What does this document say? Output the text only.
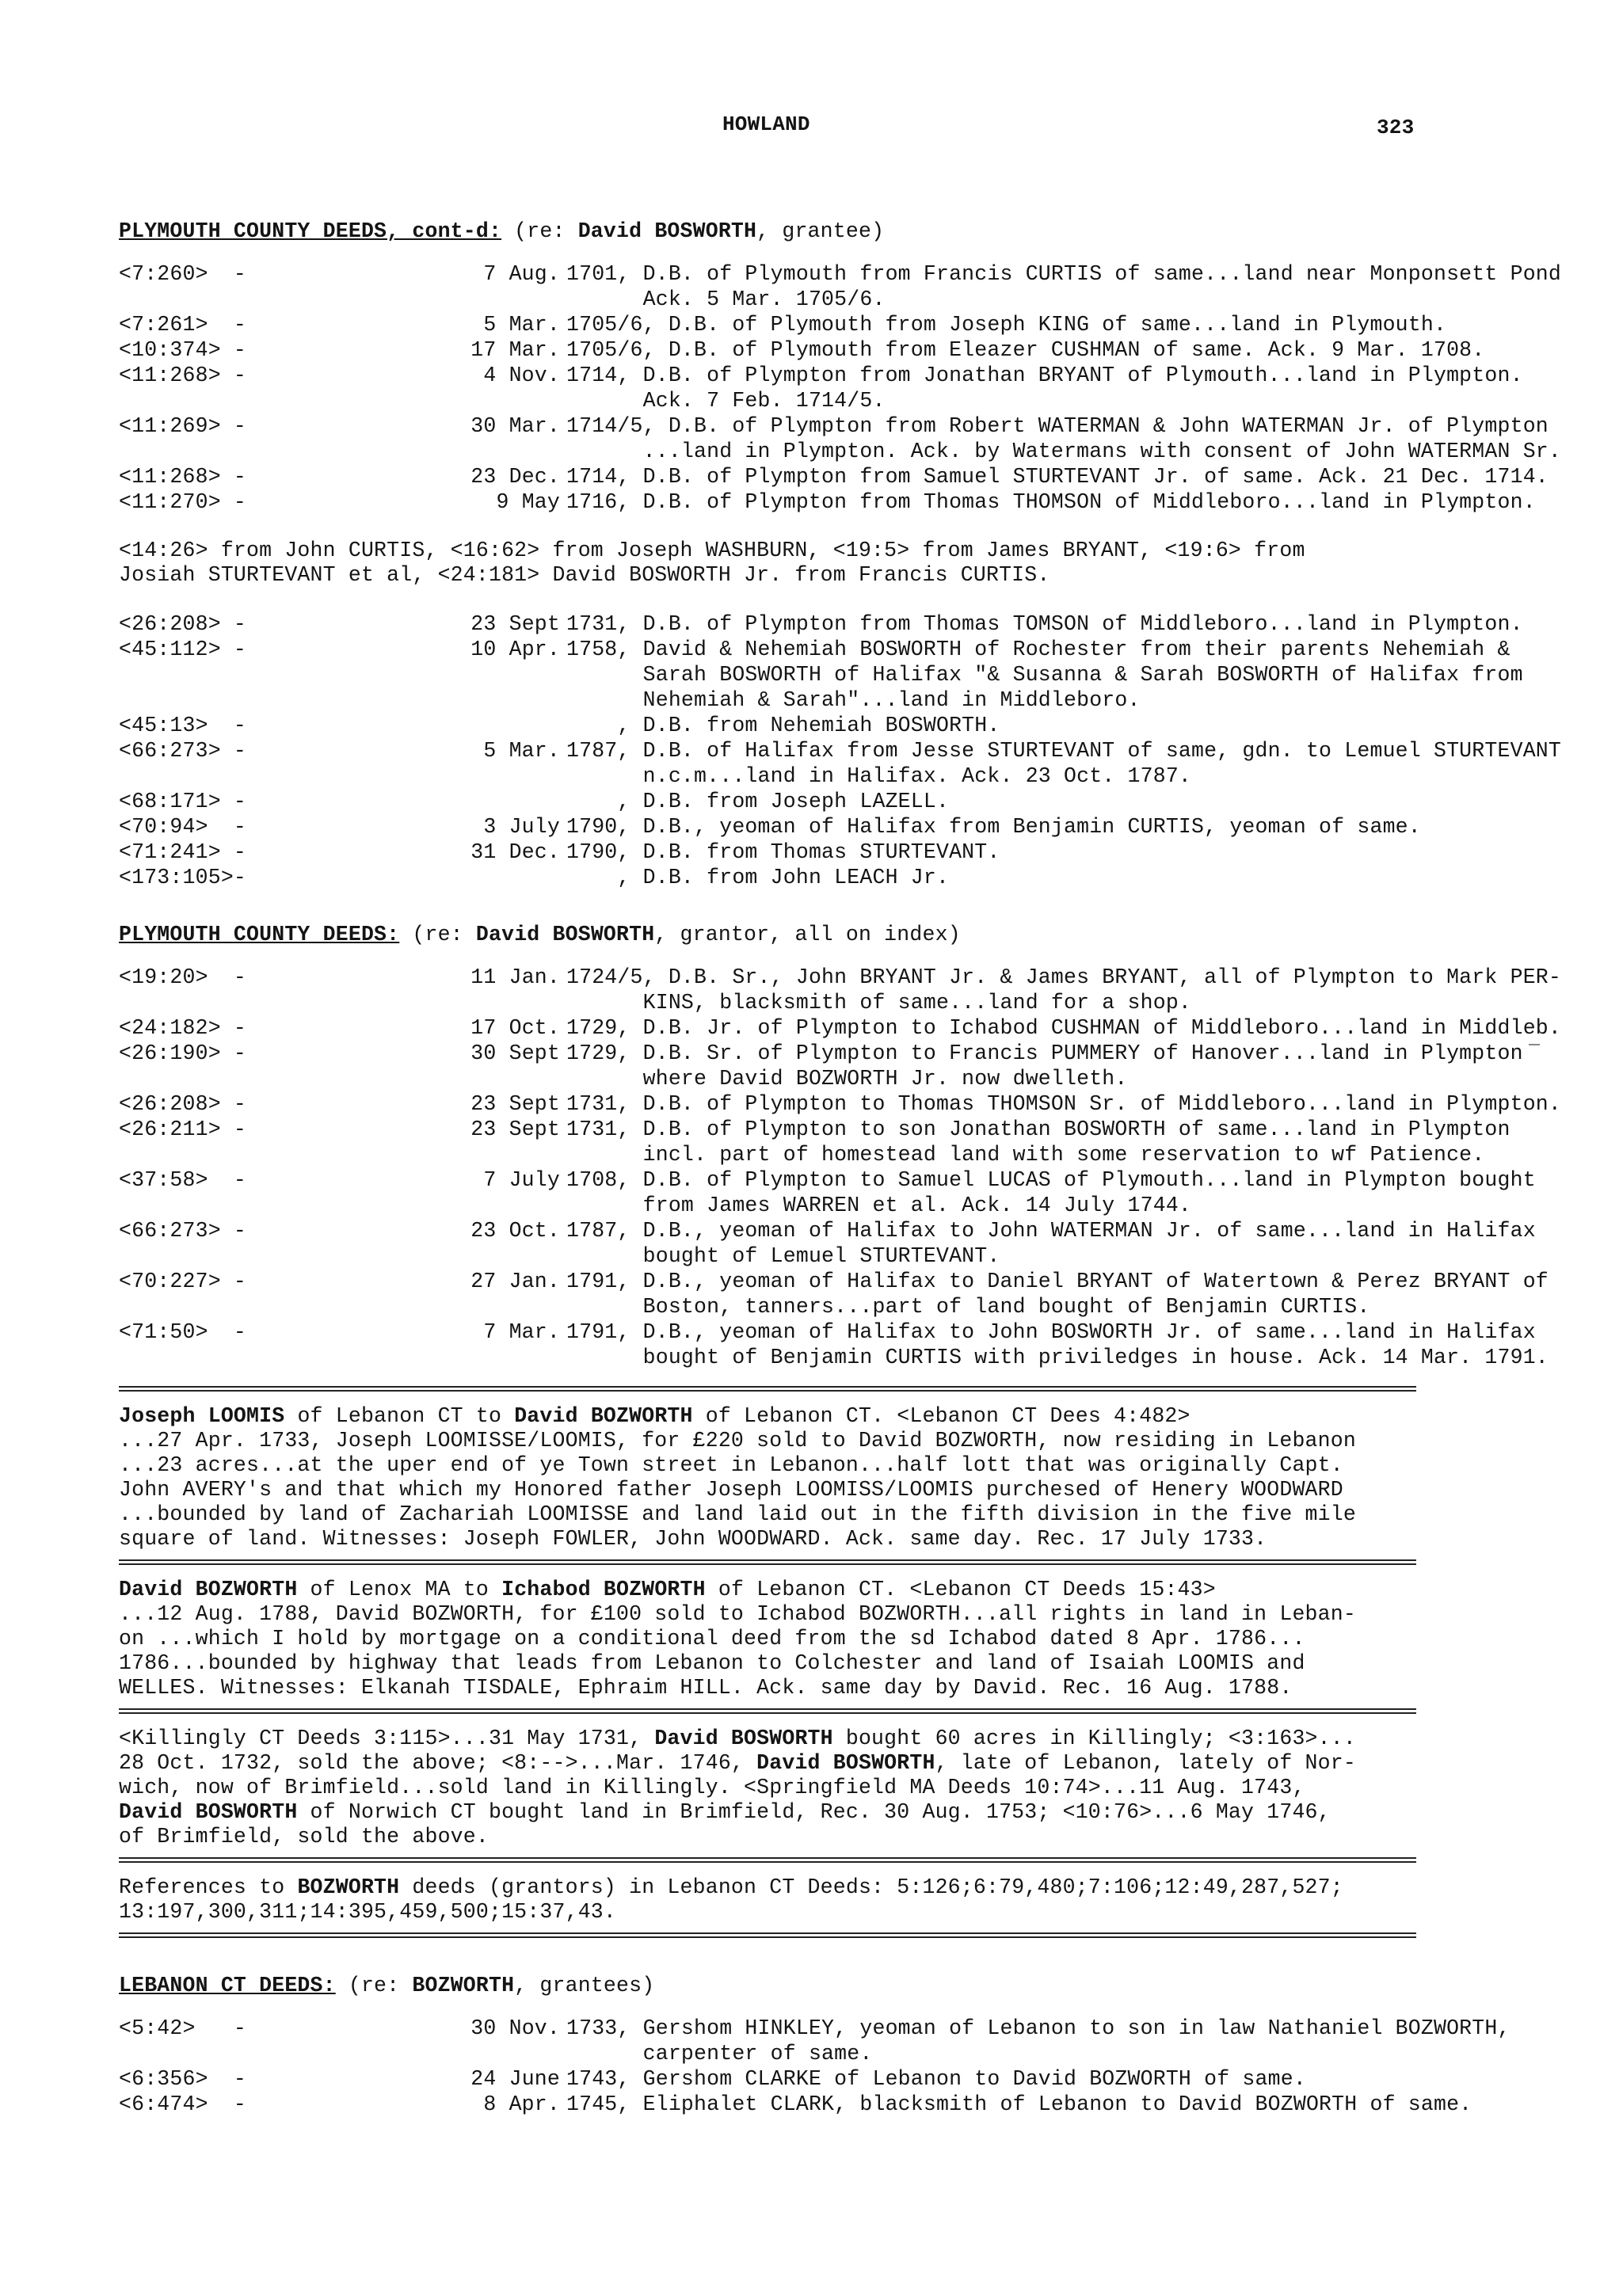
HOWLAND	323
PLYMOUTH COUNTY DEEDS, cont-d: (re: David BOSWORTH, grantee)
<7:260>  -	7 Aug. 1701, D.B. of Plymouth from Francis CURTIS of same...land near Monponsett Pond
Ack. 5 Mar. 1705/6.
<7:261>  -	5 Mar. 1705/6, D.B. of Plymouth from Joseph KING of same...land in Plymouth.
<10:374> -	17 Mar. 1705/6, D.B. of Plymouth from Eleazer CUSHMAN of same. Ack. 9 Mar. 1708.
<11:268> -	4 Nov. 1714, D.B. of Plympton from Jonathan BRYANT of Plymouth...land in Plympton.
Ack. 7 Feb. 1714/5.
<11:269> -	30 Mar. 1714/5, D.B. of Plympton from Robert WATERMAN & John WATERMAN Jr. of Plympton
...land in Plympton. Ack. by Watermans with consent of John WATERMAN Sr.
<11:268> -	23 Dec. 1714, D.B. of Plympton from Samuel STURTEVANT Jr. of same. Ack. 21 Dec. 1714.
<11:270> -	9 May 1716, D.B. of Plympton from Thomas THOMSON of Middleboro...land in Plympton.
<14:26> from John CURTIS, <16:62> from Joseph WASHBURN, <19:5> from James BRYANT, <19:6> from
Josiah STURTEVANT et al, <24:181> David BOSWORTH Jr. from Francis CURTIS.
<26:208> -	23 Sept 1731, D.B. of Plympton from Thomas TOMSON of Middleboro...land in Plympton.
<45:112> -	10 Apr. 1758, David & Nehemiah BOSWORTH of Rochester from their parents Nehemiah &
Sarah BOSWORTH of Halifax "& Susanna & Sarah BOSWORTH of Halifax from
Nehemiah & Sarah"...land in Middleboro.
<45:13>  -	, D.B. from Nehemiah BOSWORTH.
<66:273> -	5 Mar. 1787, D.B. of Halifax from Jesse STURTEVANT of same, gdn. to Lemuel STURTEVANT
n.c.m...land in Halifax. Ack. 23 Oct. 1787.
<68:171> -	, D.B. from Joseph LAZELL.
<70:94>  -	3 July 1790, D.B., yeoman of Halifax from Benjamin CURTIS, yeoman of same.
<71:241> -	31 Dec. 1790, D.B. from Thomas STURTEVANT.
<173:105>-	, D.B. from John LEACH Jr.
PLYMOUTH COUNTY DEEDS: (re: David BOSWORTH, grantor, all on index)
<19:20>  -	11 Jan. 1724/5, D.B. Sr., John BRYANT Jr. & James BRYANT, all of Plympton to Mark PER-
KINS, blacksmith of same...land for a shop.
<24:182> -	17 Oct. 1729, D.B. Jr. of Plympton to Ichabod CUSHMAN of Middleboro...land in Middleb.
<26:190> -	30 Sept 1729, D.B. Sr. of Plympton to Francis PUMMERY of Hanover...land in Plympton
where David BOZWORTH Jr. now dwelleth.
<26:208> -	23 Sept 1731, D.B. of Plympton to Thomas THOMSON Sr. of Middleboro...land in Plympton.
<26:211> -	23 Sept 1731, D.B. of Plympton to son Jonathan BOSWORTH of same...land in Plympton
incl. part of homestead land with some reservation to wf Patience.
<37:58>  -	7 July 1708, D.B. of Plympton to Samuel LUCAS of Plymouth...land in Plympton bought
from James WARREN et al. Ack. 14 July 1744.
<66:273> -	23 Oct. 1787, D.B., yeoman of Halifax to John WATERMAN Jr. of same...land in Halifax
bought of Lemuel STURTEVANT.
<70:227> -	27 Jan. 1791, D.B., yeoman of Halifax to Daniel BRYANT of Watertown & Perez BRYANT of
Boston, tanners...part of land bought of Benjamin CURTIS.
<71:50>  -	7 Mar. 1791, D.B., yeoman of Halifax to John BOSWORTH Jr. of same...land in Halifax
bought of Benjamin CURTIS with priviledges in house. Ack. 14 Mar. 1791.
Joseph LOOMIS of Lebanon CT to David BOZWORTH of Lebanon CT. <Lebanon CT Dees 4:482>
...27 Apr. 1733, Joseph LOOMISSE/LOOMIS, for £220 sold to David BOZWORTH, now residing in Lebanon
...23 acres...at the uper end of ye Town street in Lebanon...half lott that was originally Capt.
John AVERY's and that which my Honored father Joseph LOOMISS/LOOMIS purchesed of Henery WOODWARD
...bounded by land of Zachariah LOOMISSE and land laid out in the fifth division in the five mile
square of land. Witnesses: Joseph FOWLER, John WOODWARD. Ack. same day. Rec. 17 July 1733.
David BOZWORTH of Lenox MA to Ichabod BOZWORTH of Lebanon CT. <Lebanon CT Deeds 15:43>
...12 Aug. 1788, David BOZWORTH, for £100 sold to Ichabod BOZWORTH...all rights in land in Leban-
on ...which I hold by mortgage on a conditional deed from the sd Ichabod dated 8 Apr. 1786...
1786...bounded by highway that leads from Lebanon to Colchester and land of Isaiah LOOMIS and
WELLES. Witnesses: Elkanah TISDALE, Ephraim HILL. Ack. same day by David. Rec. 16 Aug. 1788.
<Killingly CT Deeds 3:115>...31 May 1731, David BOSWORTH bought 60 acres in Killingly; <3:163>...
28 Oct. 1732, sold the above; <8:-->...Mar. 1746, David BOSWORTH, late of Lebanon, lately of Nor-
wich, now of Brimfield...sold land in Killingly. <Springfield MA Deeds 10:74>...11 Aug. 1743,
David BOSWORTH of Norwich CT bought land in Brimfield, Rec. 30 Aug. 1753; <10:76>...6 May 1746,
of Brimfield, sold the above.
References to BOZWORTH deeds (grantors) in Lebanon CT Deeds: 5:126;6:79,480;7:106;12:49,287,527;
13:197,300,311;14:395,459,500;15:37,43.
LEBANON CT DEEDS: (re: BOZWORTH, grantees)
<5:42>   -	30 Nov. 1733, Gershom HINKLEY, yeoman of Lebanon to son in law Nathaniel BOZWORTH,
carpenter of same.
<6:356>  -	24 June 1743, Gershom CLARKE of Lebanon to David BOZWORTH of same.
<6:474>  -	8 Apr. 1745, Eliphalet CLARK, blacksmith of Lebanon to David BOZWORTH of same.
